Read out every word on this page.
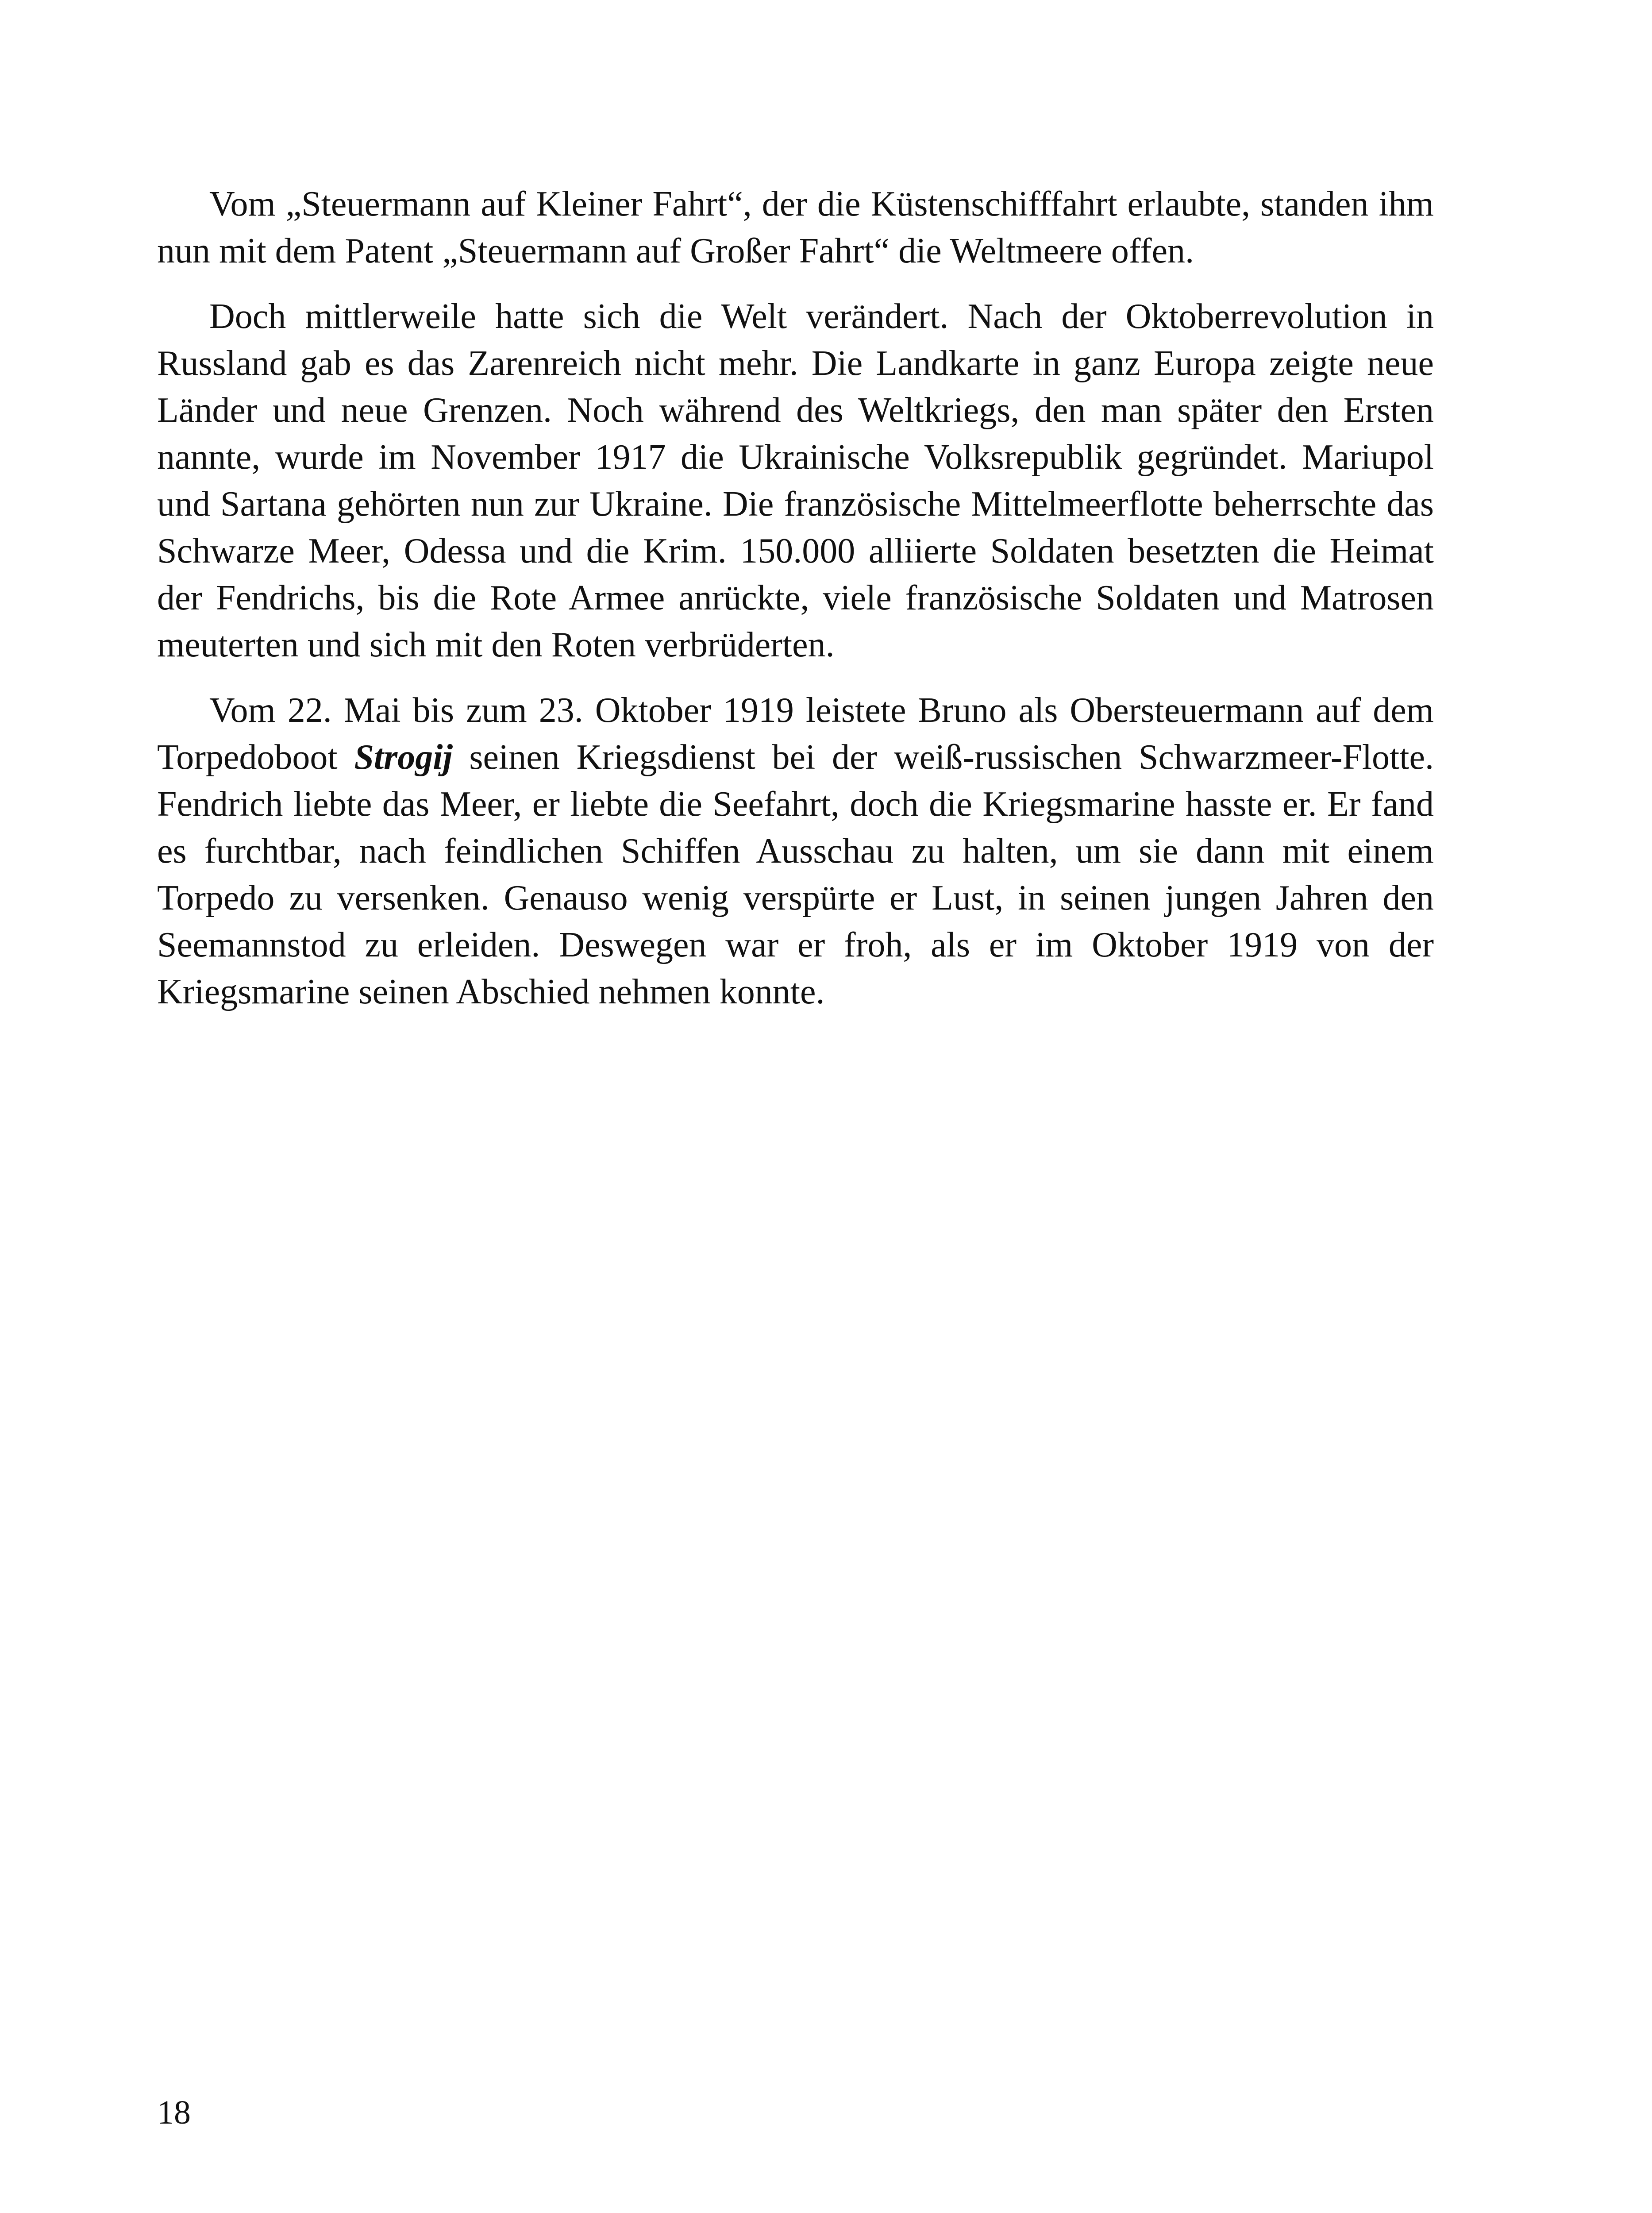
Vom „Steuermann auf Kleiner Fahrt“, der die Küstenschifffahrt erlaubte, standen ihm nun mit dem Patent „Steuermann auf Großer Fahrt“ die Weltmeere offen.

Doch mittlerweile hatte sich die Welt verändert. Nach der Oktoberrevolution in Russland gab es das Zarenreich nicht mehr. Die Landkarte in ganz Europa zeigte neue Länder und neue Grenzen. Noch während des Weltkriegs, den man später den Ersten nannte, wurde im November 1917 die Ukrainische Volksrepublik gegründet. Mariupol und Sartana gehörten nun zur Ukraine. Die französische Mittelmeerflotte beherrschte das Schwarze Meer, Odessa und die Krim. 150.000 alliierte Soldaten besetzten die Heimat der Fendrichs, bis die Rote Armee anrückte, viele französische Soldaten und Matrosen meuterten und sich mit den Roten verbrüderten.

Vom 22. Mai bis zum 23. Oktober 1919 leistete Bruno als Obersteuermann auf dem Torpedoboot Strogij seinen Kriegsdienst bei der weiß-russischen Schwarzmeer-Flotte. Fendrich liebte das Meer, er liebte die Seefahrt, doch die Kriegsmarine hasste er. Er fand es furchtbar, nach feindlichen Schiffen Ausschau zu halten, um sie dann mit einem Torpedo zu versenken. Genauso wenig verspürte er Lust, in seinen jungen Jahren den Seemannstod zu erleiden. Deswegen war er froh, als er im Oktober 1919 von der Kriegsmarine seinen Abschied nehmen konnte.

18
